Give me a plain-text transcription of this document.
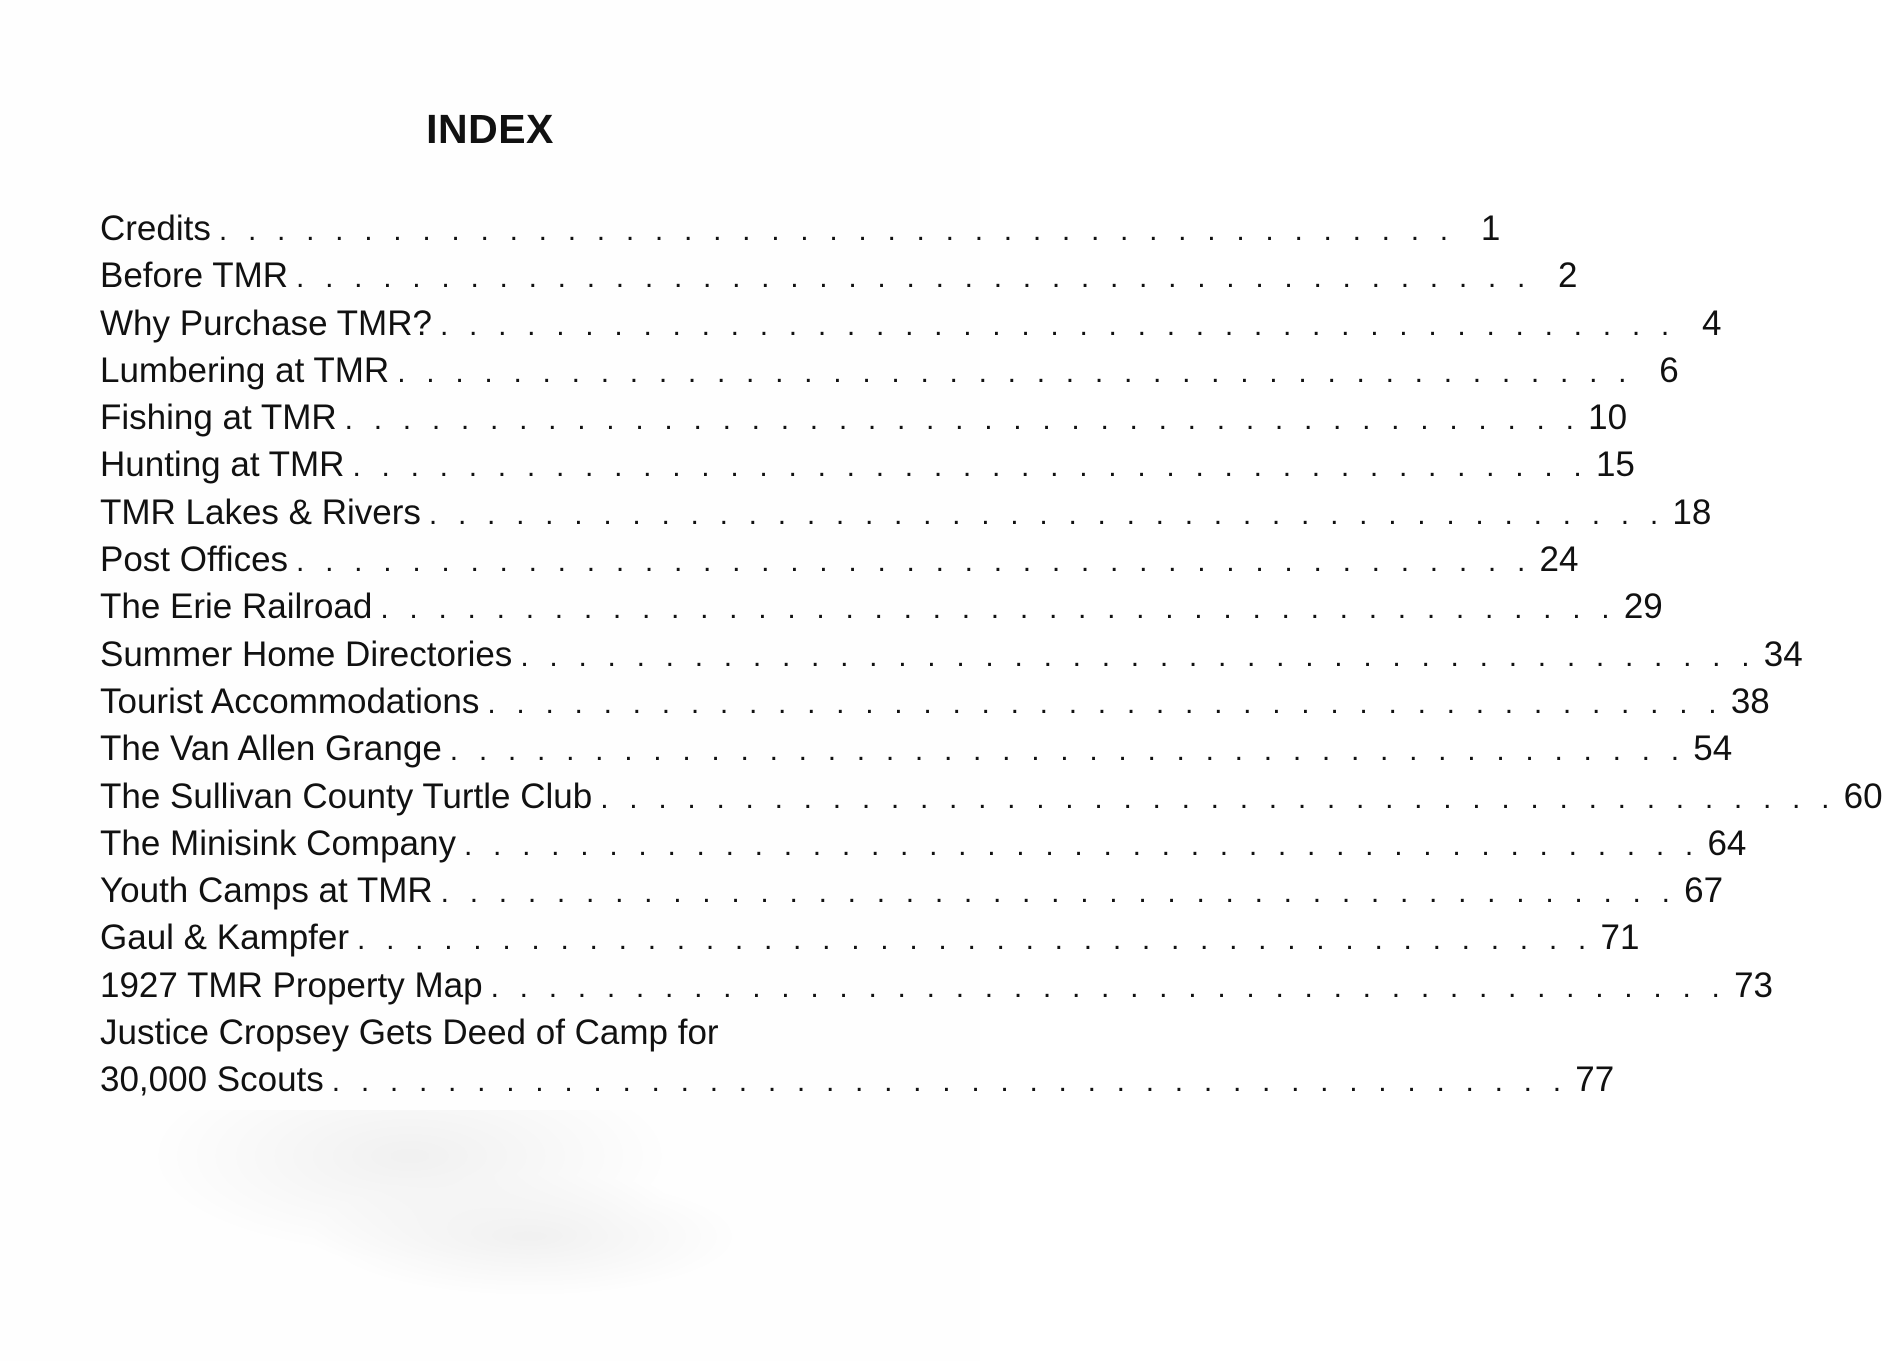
INDEX
Credits . . . . . . . . . . . . . . . . . . . . . . . . . . . . . . . . . . . . . . . . . . . 1
Before TMR . . . . . . . . . . . . . . . . . . . . . . . . . . . . . . . . . . . . . . . . . . . 2
Why Purchase TMR? . . . . . . . . . . . . . . . . . . . . . . . . . . . . . . . . . . . . . . . . . . . 4
Lumbering at TMR . . . . . . . . . . . . . . . . . . . . . . . . . . . . . . . . . . . . . . . . . . . 6
Fishing at TMR . . . . . . . . . . . . . . . . . . . . . . . . . . . . . . . . . . . . . . . . . . . 10
Hunting at TMR . . . . . . . . . . . . . . . . . . . . . . . . . . . . . . . . . . . . . . . . . . . 15
TMR Lakes & Rivers . . . . . . . . . . . . . . . . . . . . . . . . . . . . . . . . . . . . . . . . . . . 18
Post Offices . . . . . . . . . . . . . . . . . . . . . . . . . . . . . . . . . . . . . . . . . . . 24
The Erie Railroad . . . . . . . . . . . . . . . . . . . . . . . . . . . . . . . . . . . . . . . . . . . 29
Summer Home Directories . . . . . . . . . . . . . . . . . . . . . . . . . . . . . . . . . . . . . . . . . . . 34
Tourist Accommodations . . . . . . . . . . . . . . . . . . . . . . . . . . . . . . . . . . . . . . . . . . . 38
The Van Allen Grange . . . . . . . . . . . . . . . . . . . . . . . . . . . . . . . . . . . . . . . . . . . 54
The Sullivan County Turtle Club . . . . . . . . . . . . . . . . . . . . . . . . . . . . . . . . . . . . . . . . . . . 60
The Minisink Company . . . . . . . . . . . . . . . . . . . . . . . . . . . . . . . . . . . . . . . . . . . 64
Youth Camps at TMR . . . . . . . . . . . . . . . . . . . . . . . . . . . . . . . . . . . . . . . . . . . 67
Gaul & Kampfer . . . . . . . . . . . . . . . . . . . . . . . . . . . . . . . . . . . . . . . . . . . 71
1927 TMR Property Map . . . . . . . . . . . . . . . . . . . . . . . . . . . . . . . . . . . . . . . . . . . 73
Justice Cropsey Gets Deed of Camp for
30,000 Scouts . . . . . . . . . . . . . . . . . . . . . . . . . . . . . . . . . . . . . . . . . . . 77
